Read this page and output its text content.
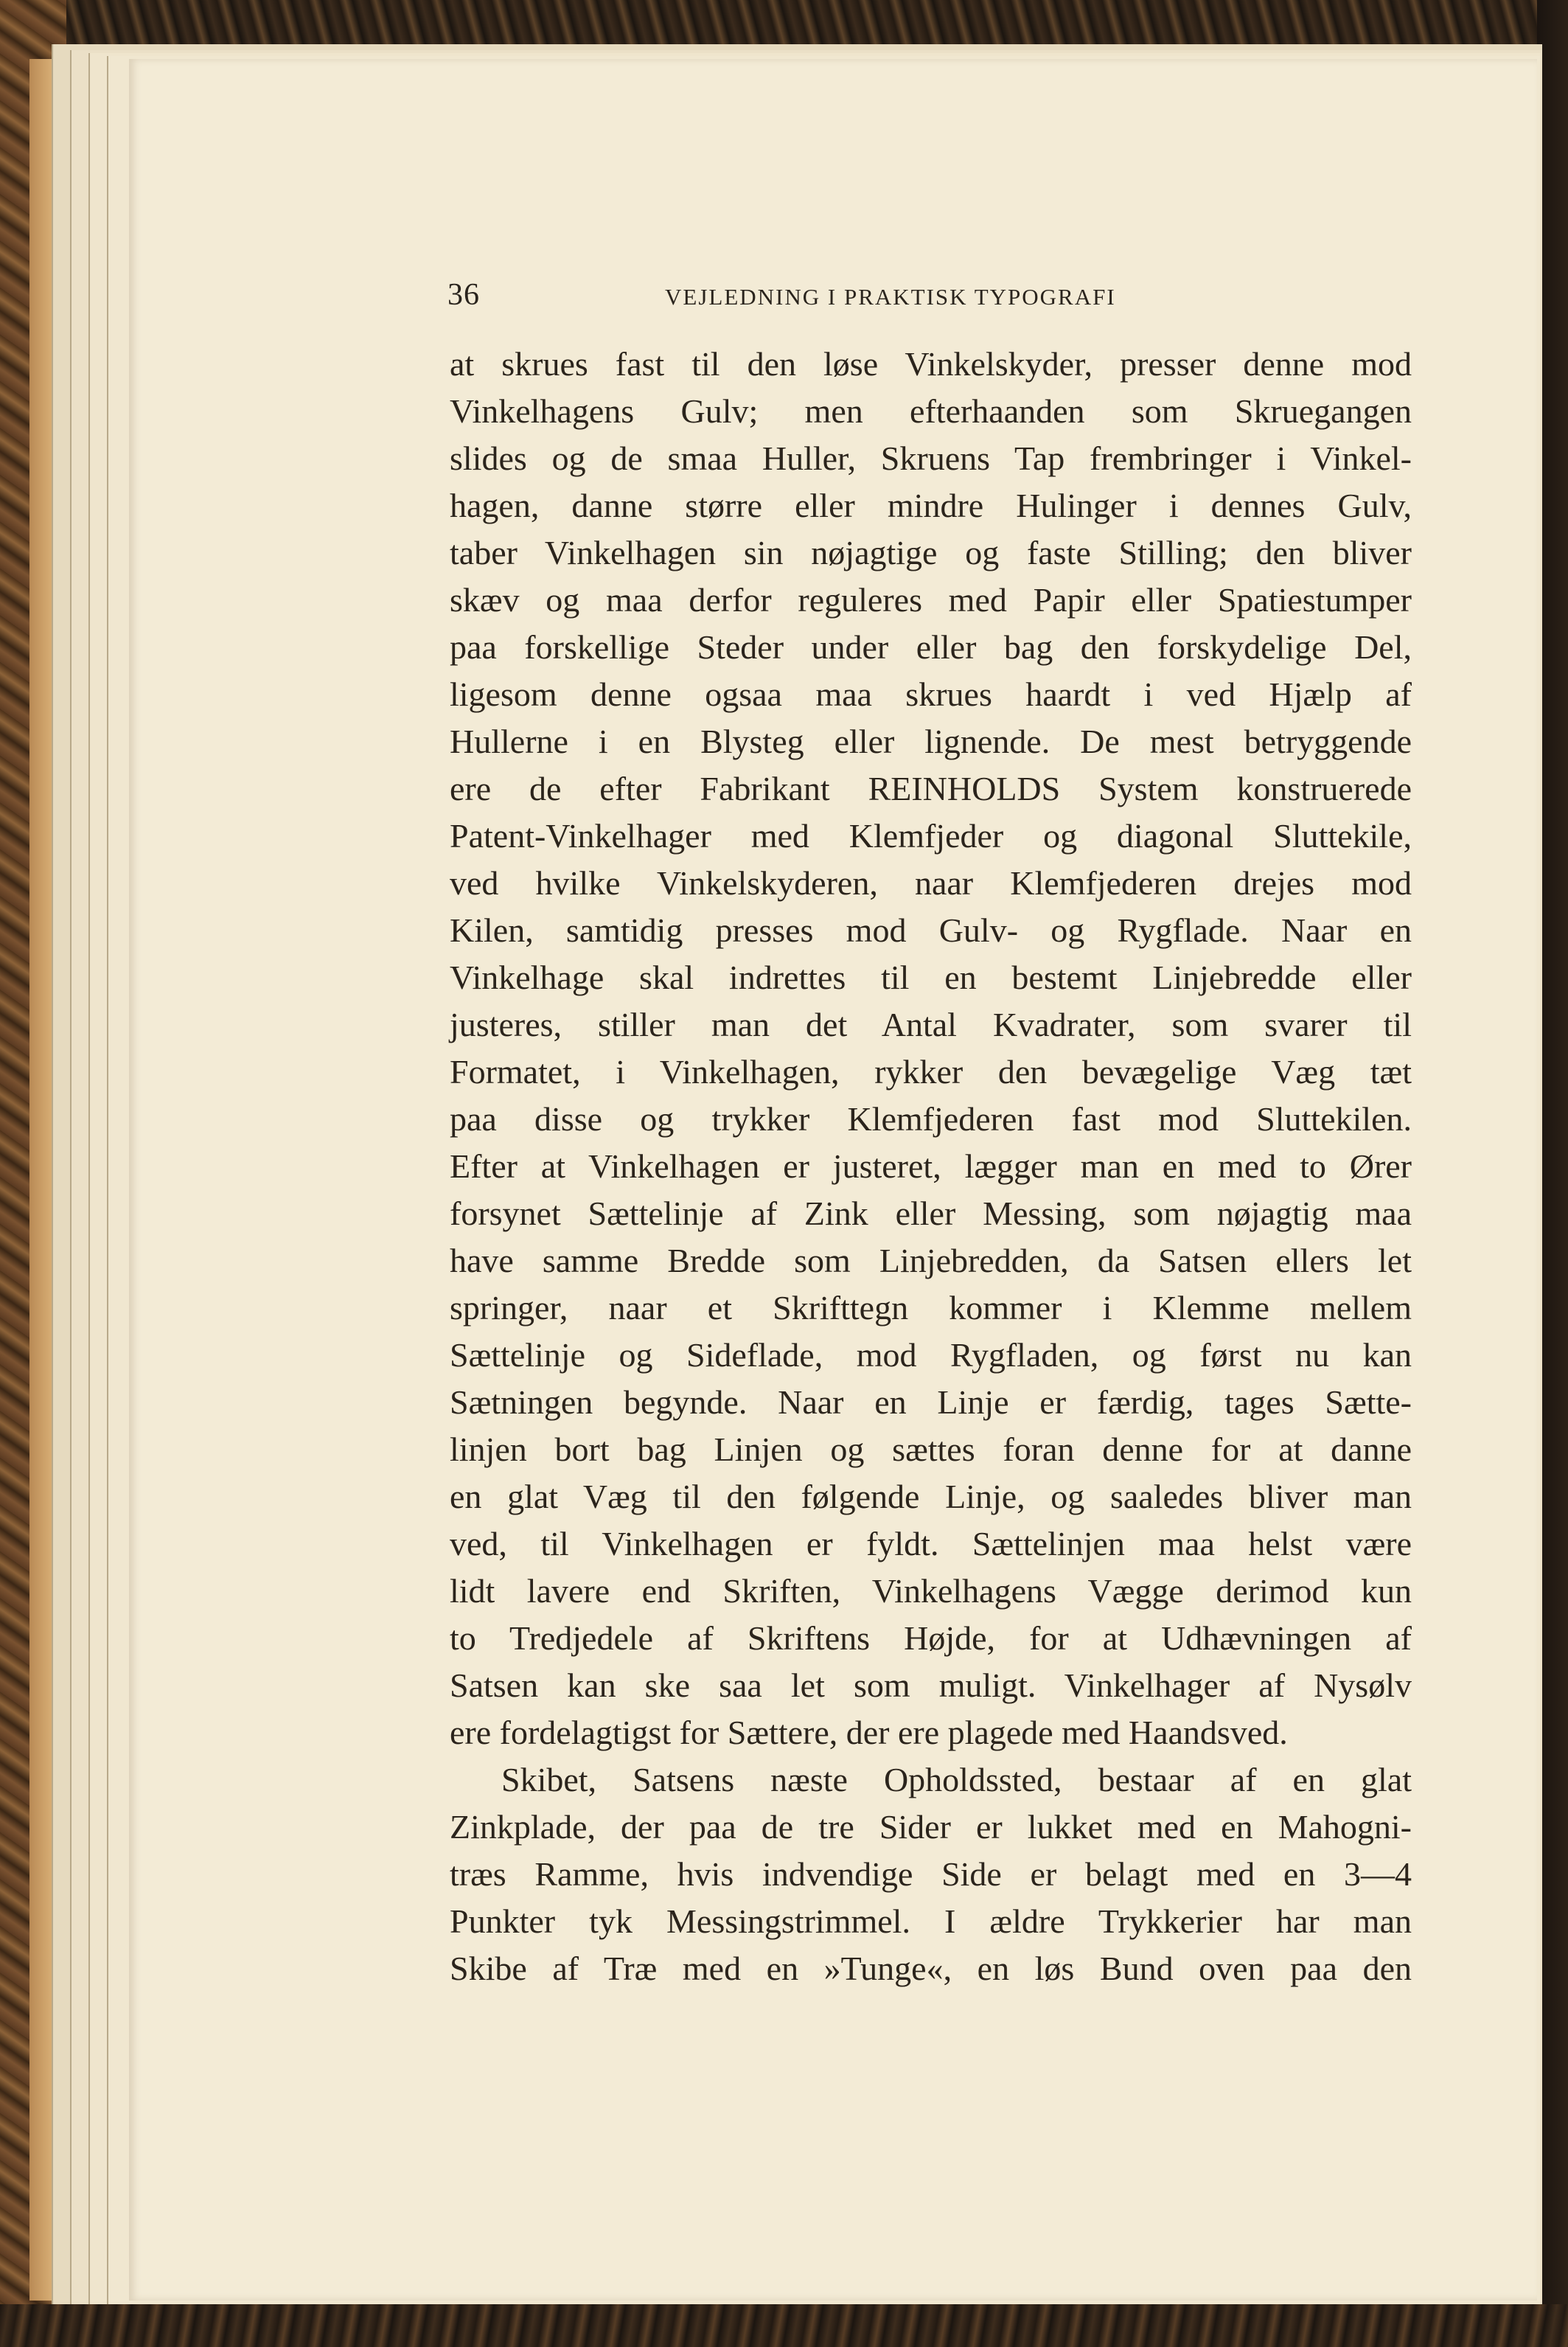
36	VEJLEDNING I PRAKTISK TYPOGRAFI
at skrues fast til den løse Vinkelskyder, presser denne mod
Vinkelhagens Gulv; men efterhaanden som Skruegangen
slides og de smaa Huller, Skruens Tap frembringer i Vinkel-
hagen, danne større eller mindre Hulinger i dennes Gulv,
taber Vinkelhagen sin nøjagtige og faste Stilling; den bliver
skæv og maa derfor reguleres med Papir eller Spatiestumper
paa forskellige Steder under eller bag den forskydelige Del,
ligesom denne ogsaa maa skrues haardt i ved Hjælp af
Hullerne i en Blysteg eller lignende. De mest betryggende
ere de efter Fabrikant REINHOLDS System konstruerede
Patent-Vinkelhager med Klemfjeder og diagonal Sluttekile,
ved hvilke Vinkelskyderen, naar Klemfjederen drejes mod
Kilen, samtidig presses mod Gulv- og Rygflade. Naar en
Vinkelhage skal indrettes til en bestemt Linjebredde eller
justeres, stiller man det Antal Kvadrater, som svarer til
Formatet, i Vinkelhagen, rykker den bevægelige Væg tæt
paa disse og trykker Klemfjederen fast mod Sluttekilen.
Efter at Vinkelhagen er justeret, lægger man en med to Ører
forsynet Sættelinje af Zink eller Messing, som nøjagtig maa
have samme Bredde som Linjebredden, da Satsen ellers let
springer, naar et Skrifttegn kommer i Klemme mellem
Sættelinje og Sideflade, mod Rygfladen, og først nu kan
Sætningen begynde. Naar en Linje er færdig, tages Sætte-
linjen bort bag Linjen og sættes foran denne for at danne
en glat Væg til den følgende Linje, og saaledes bliver man
ved, til Vinkelhagen er fyldt. Sættelinjen maa helst være
lidt lavere end Skriften, Vinkelhagens Vægge derimod kun
to Tredjedele af Skriftens Højde, for at Udhævningen af
Satsen kan ske saa let som muligt. Vinkelhager af Nysølv
ere fordelagtigst for Sættere, der ere plagede med Haandsved.
Skibet, Satsens næste Opholdssted, bestaar af en glat
Zinkplade, der paa de tre Sider er lukket med en Mahogni-
træs Ramme, hvis indvendige Side er belagt med en 3—4
Punkter tyk Messingstrimmel. I ældre Trykkerier har man
Skibe af Træ med en »Tunge«, en løs Bund oven paa den
